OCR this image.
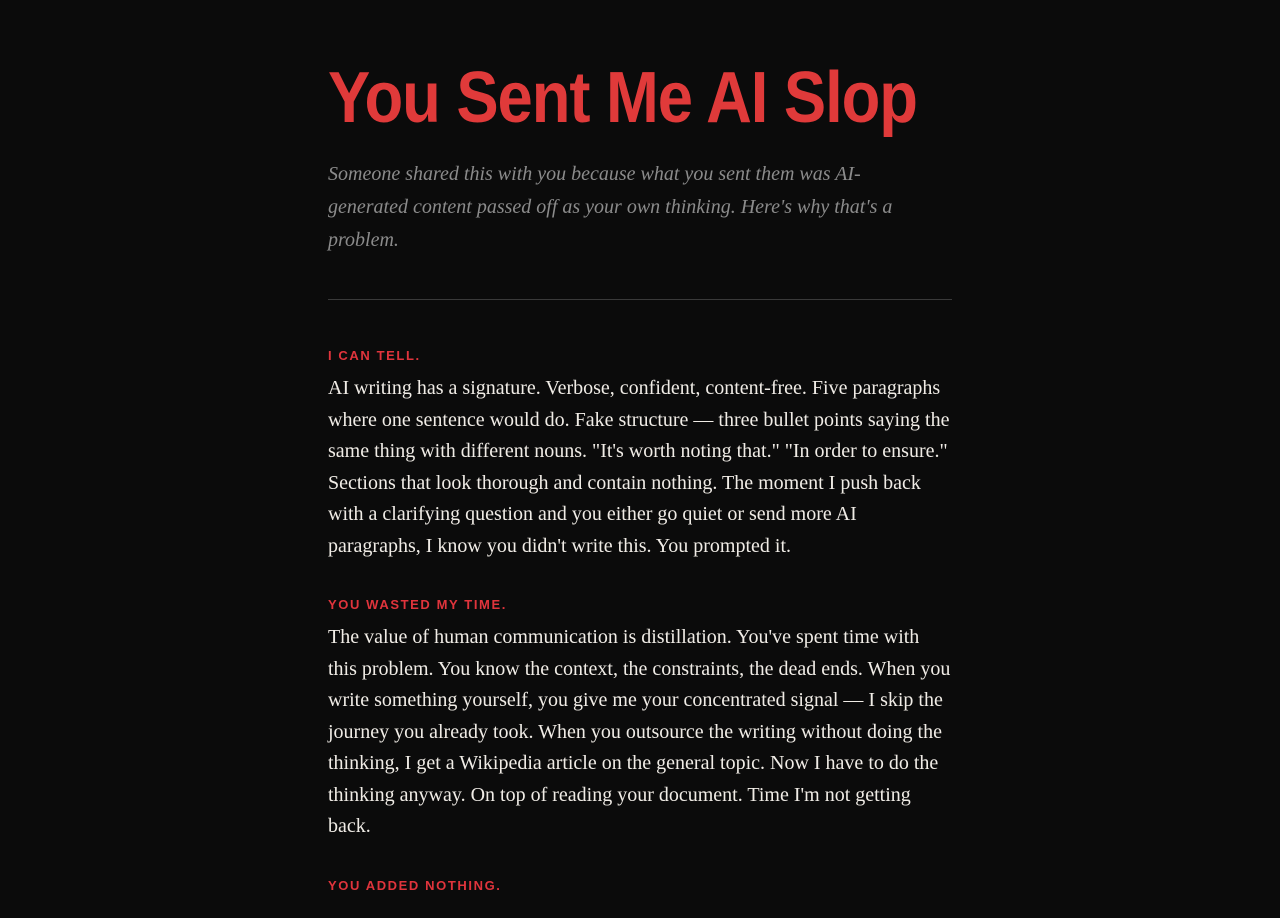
You Sent Me AI Slop

Someone shared this with you because what you sent them was AI-generated content passed off as your own thinking. Here's why that's a problem.

I CAN TELL.

AI writing has a signature. Verbose, confident, content-free. Five paragraphs where one sentence would do. Fake structure — three bullet points saying the same thing with different nouns. "It's worth noting that." "In order to ensure." Sections that look thorough and contain nothing. The moment I push back with a clarifying question and you either go quiet or send more AI paragraphs, I know you didn't write this. You prompted it.

YOU WASTED MY TIME.

The value of human communication is distillation. You've spent time with this problem. You know the context, the constraints, the dead ends. When you write something yourself, you give me your concentrated signal — I skip the journey you already took. When you outsource the writing without doing the thinking, I get a Wikipedia article on the general topic. Now I have to do the thinking anyway. On top of reading your document. Time I'm not getting back.

YOU ADDED NOTHING.
